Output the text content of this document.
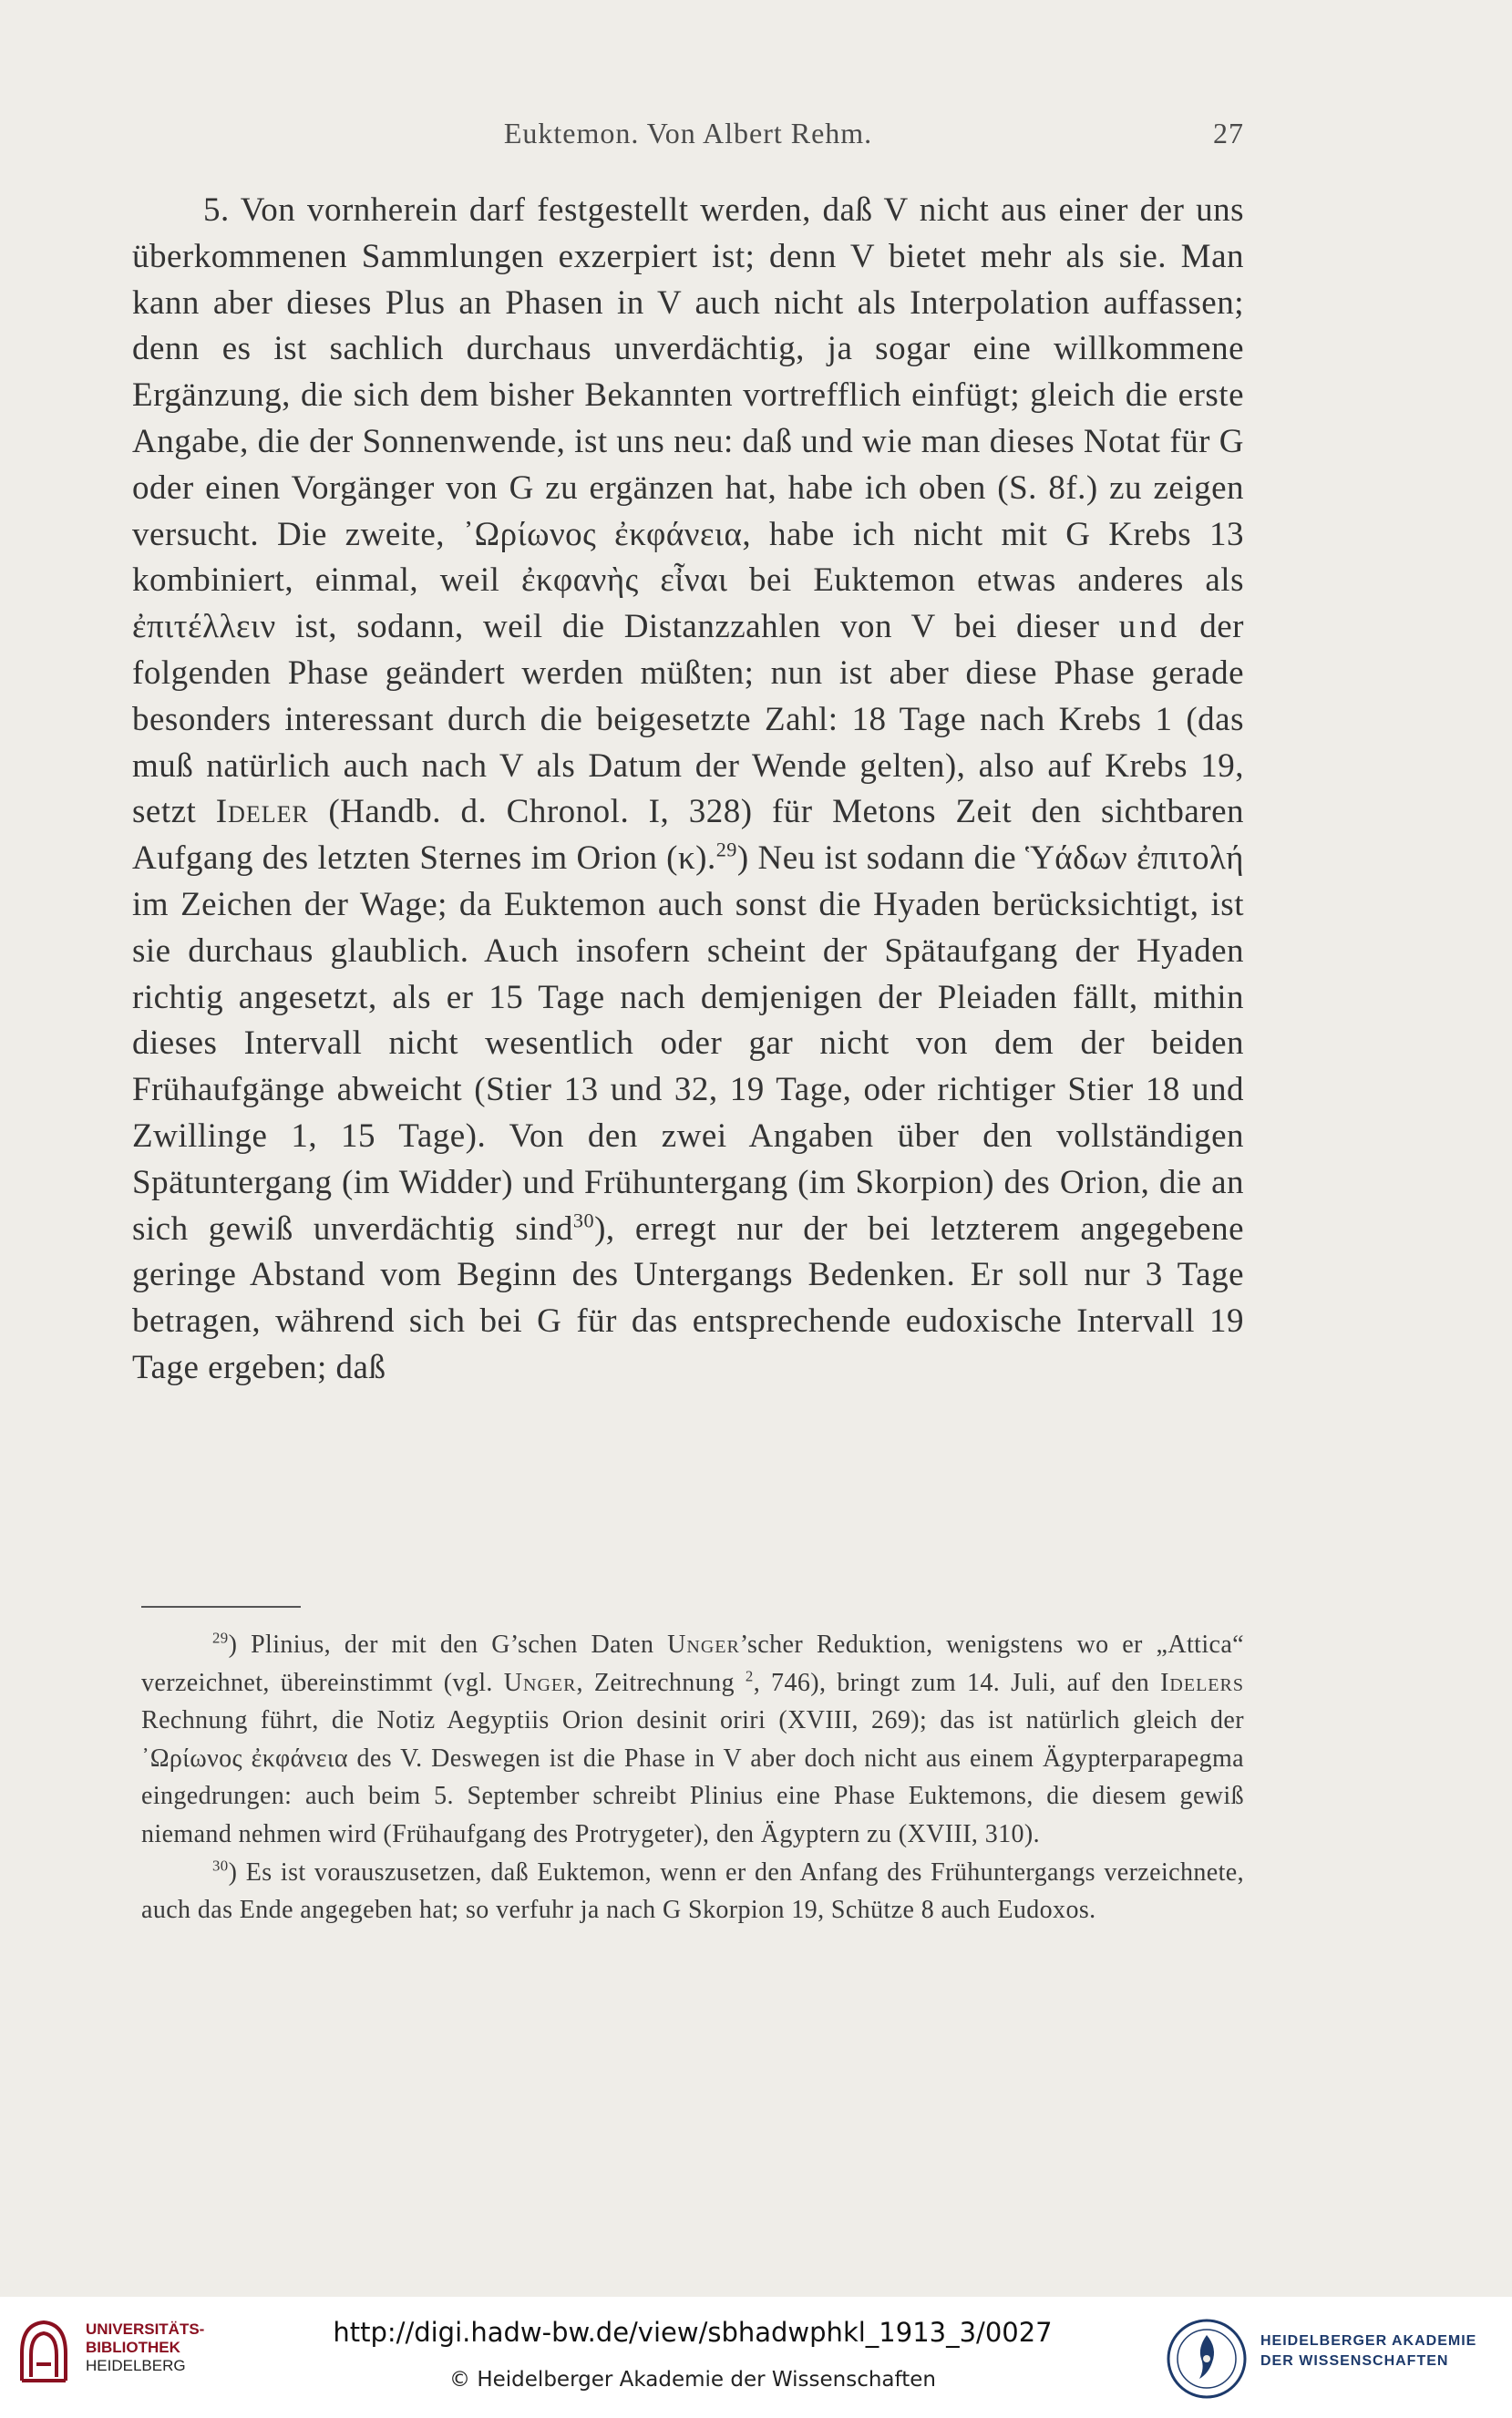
Euktemon. Von Albert Rehm.	27

5. Von vornherein darf festgestellt werden, daß V nicht aus einer der uns überkommenen Sammlungen exzerpiert ist; denn V bietet mehr als sie. Man kann aber dieses Plus an Phasen in V auch nicht als Interpolation auffassen; denn es ist sachlich durchaus unverdächtig, ja sogar eine willkommene Ergänzung, die sich dem bisher Bekannten vortrefflich einfügt; gleich die erste Angabe, die der Sonnenwende, ist uns neu: daß und wie man dieses Notat für G oder einen Vorgänger von G zu ergänzen hat, habe ich oben (S. 8f.) zu zeigen versucht. Die zweite, ᾿Ωρίωνος ἐκφάνεια, habe ich nicht mit G Krebs 13 kombiniert, einmal, weil ἐκφανὴς εἶναι bei Euktemon etwas anderes als ἐπιτέλλειν ist, sodann, weil die Distanzzahlen von V bei dieser und der folgenden Phase geändert werden müßten; nun ist aber diese Phase gerade besonders interessant durch die beigesetzte Zahl: 18 Tage nach Krebs 1 (das muß natürlich auch nach V als Datum der Wende gelten), also auf Krebs 19, setzt Ideler (Handb. d. Chronol. I, 328) für Metons Zeit den sichtbaren Aufgang des letzten Sternes im Orion (κ).$^{29}$) Neu ist sodann die Ὑάδων ἐπιτολή im Zeichen der Wage; da Euktemon auch sonst die Hyaden berücksichtigt, ist sie durchaus glaublich. Auch insofern scheint der Spätaufgang der Hyaden richtig angesetzt, als er 15 Tage nach demjenigen der Pleiaden fällt, mithin dieses Intervall nicht wesentlich oder gar nicht von dem der beiden Frühaufgänge abweicht (Stier 13 und 32, 19 Tage, oder richtiger Stier 18 und Zwillinge 1, 15 Tage). Von den zwei Angaben über den vollständigen Spätuntergang (im Widder) und Frühuntergang (im Skorpion) des Orion, die an sich gewiß unverdächtig sind$^{30}$), erregt nur der bei letzterem angegebene geringe Abstand vom Beginn des Untergangs Bedenken. Er soll nur 3 Tage betragen, während sich bei G für das entsprechende eudoxische Intervall 19 Tage ergeben; daß

$^{29}$) Plinius, der mit den G’schen Daten Unger’scher Reduktion, wenigstens wo er „Attica“ verzeichnet, übereinstimmt (vgl. Unger, Zeitrechnung $^2$, 746), bringt zum 14. Juli, auf den Idelers Rechnung führt, die Notiz Aegyptiis Orion desinit oriri (XVIII, 269); das ist natürlich gleich der ᾿Ωρίωνος ἐκφάνεια des V. Deswegen ist die Phase in V aber doch nicht aus einem Ägypterparapegma eingedrungen: auch beim 5. September schreibt Plinius eine Phase Euktemons, die diesem gewiß niemand nehmen wird (Frühaufgang des Protrygeter), den Ägyptern zu (XVIII, 310).

$^{30}$) Es ist vorauszusetzen, daß Euktemon, wenn er den Anfang des Frühuntergangs verzeichnete, auch das Ende angegeben hat; so verfuhr ja nach G Skorpion 19, Schütze 8 auch Eudoxos.

UNIVERSITÄTS-
BIBLIOTHEK
HEIDELBERG
http://digi.hadw-bw.de/view/sbhadwphkl_1913_3/0027
© Heidelberger Akademie der Wissenschaften
HEIDELBERGER AKADEMIE
DER WISSENSCHAFTEN
